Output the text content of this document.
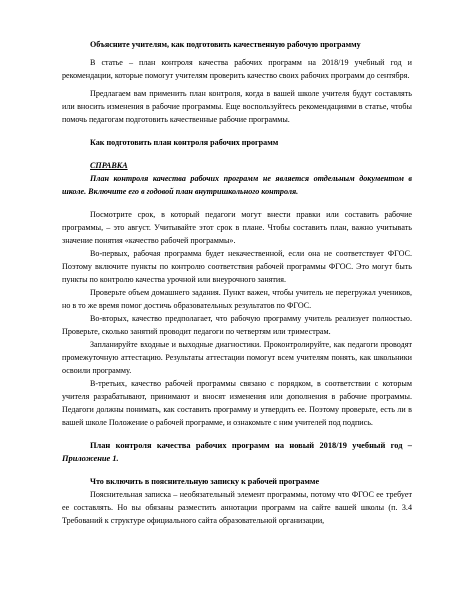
Объясните учителям, как подготовить качественную рабочую программу

В статье – план контроля качества рабочих программ на 2018/19 учебный год и рекомендации, которые помогут учителям проверить качество своих рабочих программ до сентября.

Предлагаем вам применить план контроля, когда в вашей школе учителя будут составлять или вносить изменения в рабочие программы. Еще воспользуйтесь рекомендациями в статье, чтобы помочь педагогам подготовить качественные рабочие программы.

Как подготовить план контроля рабочих программ

СПРАВКА

План контроля качества рабочих программ не является отдельным документом в школе. Включите его в годовой план внутришкольного контроля.

Посмотрите срок, в который педагоги могут внести правки или составить рабочие программы, – это август. Учитывайте этот срок в плане. Чтобы составить план, важно учитывать значение понятия «качество рабочей программы».

Во-первых, рабочая программа будет некачественной, если она не соответствует ФГОС. Поэтому включите пункты по контролю соответствия рабочей программы ФГОС. Это могут быть пункты по контролю качества урочной или внеурочного занятия.

Проверьте объем домашнего задания. Пункт важен, чтобы учитель не перегружал учеников, но в то же время помог достичь образовательных результатов по ФГОС.

Во-вторых, качество предполагает, что рабочую программу учитель реализует полностью. Проверьте, сколько занятий проводит педагоги по четвертям или триместрам.

Запланируйте входные и выходные диагностики. Проконтролируйте, как педагоги проводят промежуточную аттестацию. Результаты аттестации помогут всем учителям понять, как школьники освоили программу.

В-третьих, качество рабочей программы связано с порядком, в соответствии с которым учителя разрабатывают, принимают и вносят изменения или дополнения в рабочие программы. Педагоги должны понимать, как составить программу и утвердить ее. Поэтому проверьте, есть ли в вашей школе Положение о рабочей программе, и ознакомьте с ним учителей под подпись.

План контроля качества рабочих программ на новый 2018/19 учебный год – Приложение 1.

Что включить в пояснительную записку к рабочей программе

Пояснительная записка – необязательный элемент программы, потому что ФГОС ее требует ее составлять. Но вы обязаны разместить аннотации программ на сайте вашей школы (п. 3.4 Требований к структуре официального сайта образовательной организации,
